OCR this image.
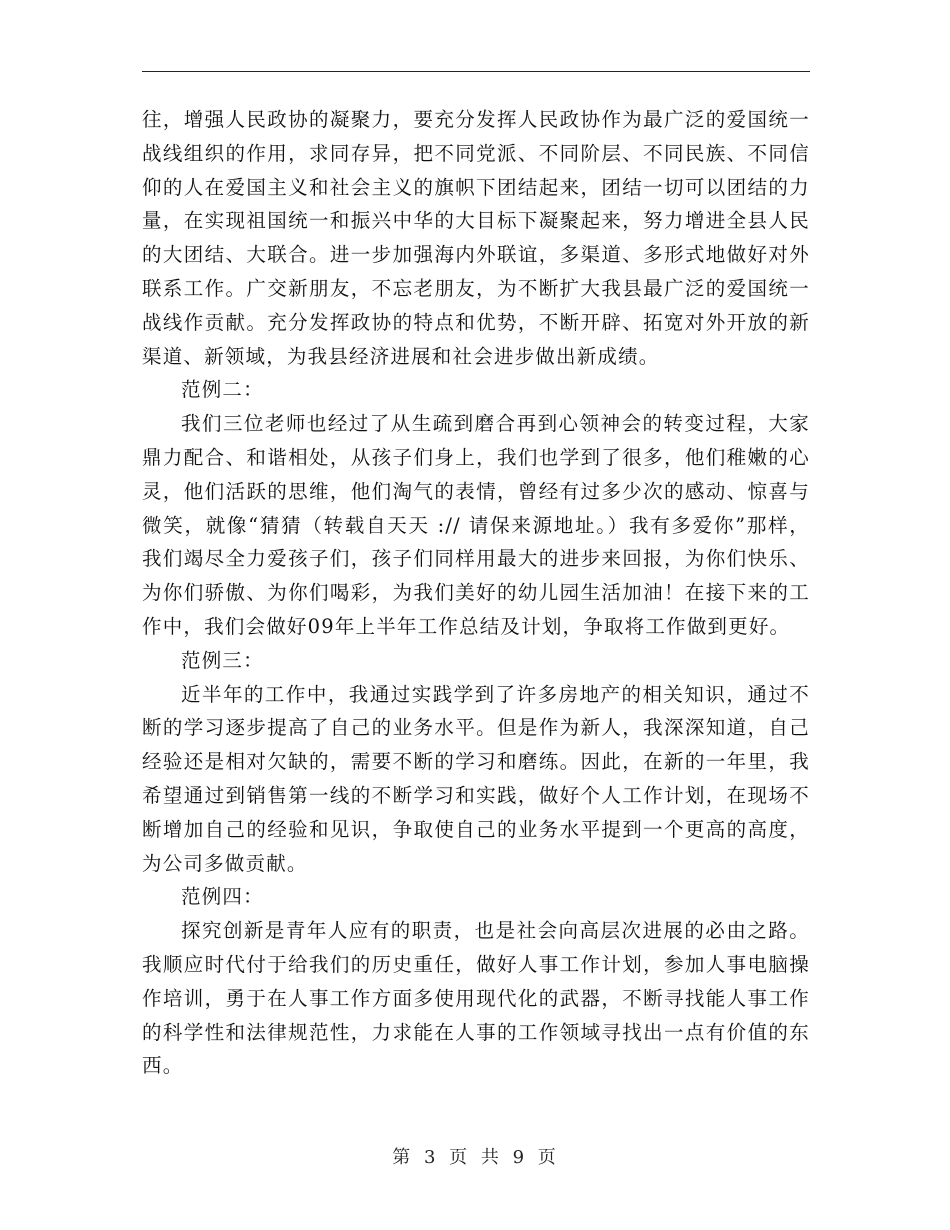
往，增强人民政协的凝聚力，要充分发挥人民政协作为最广泛的爱国统一战线组织的作用，求同存异，把不同党派、不同阶层、不同民族、不同信仰的人在爱国主义和社会主义的旗帜下团结起来，团结一切可以团结的力量，在实现祖国统一和振兴中华的大目标下凝聚起来，努力增进全县人民的大团结、大联合。进一步加强海内外联谊，多渠道、多形式地做好对外联系工作。广交新朋友，不忘老朋友，为不断扩大我县最广泛的爱国统一战线作贡献。充分发挥政协的特点和优势，不断开辟、拓宽对外开放的新渠道、新领域，为我县经济进展和社会进步做出新成绩。

范例二：

我们三位老师也经过了从生疏到磨合再到心领神会的转变过程，大家鼎力配合、和谐相处，从孩子们身上，我们也学到了很多，他们稚嫩的心灵，他们活跃的思维，他们淘气的表情，曾经有过多少次的感动、惊喜与微笑，就像“猜猜（转载自天天 :// 请保来源地址。）我有多爱你”那样，我们竭尽全力爱孩子们，孩子们同样用最大的进步来回报，为你们快乐、为你们骄傲、为你们喝彩，为我们美好的幼儿园生活加油！在接下来的工作中，我们会做好09年上半年工作总结及计划，争取将工作做到更好。

范例三：

近半年的工作中，我通过实践学到了许多房地产的相关知识，通过不断的学习逐步提高了自己的业务水平。但是作为新人，我深深知道，自己经验还是相对欠缺的，需要不断的学习和磨练。因此，在新的一年里，我希望通过到销售第一线的不断学习和实践，做好个人工作计划，在现场不断增加自己的经验和见识，争取使自己的业务水平提到一个更高的高度，为公司多做贡献。

范例四：

探究创新是青年人应有的职责，也是社会向高层次进展的必由之路。我顺应时代付于给我们的历史重任，做好人事工作计划，参加人事电脑操作培训，勇于在人事工作方面多使用现代化的武器，不断寻找能人事工作的科学性和法律规范性，力求能在人事的工作领域寻找出一点有价值的东西。

第 3 页 共 9 页
